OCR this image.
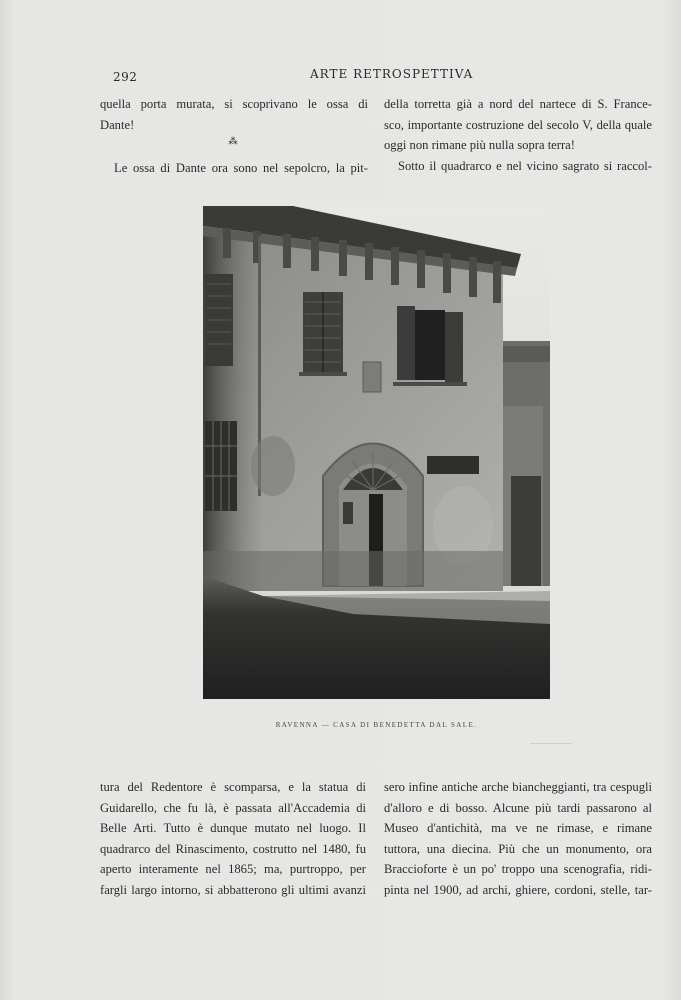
292	ARTE RETROSPETTIVA
quella porta murata, si scoprivano le ossa di
Dante!
⁂
Le ossa di Dante ora sono nel sepolcro, la pit-
della torretta già a nord del nartece di S. France-
sco, importante costruzione del secolo V, della quale
oggi non rimane più nulla sopra terra!
Sotto il quadrarco e nel vicino sagrato si raccol-
RAVENNA — CASA DI BENEDETTA DAL SALE.
tura del Redentore è scomparsa, e la statua di
Guidarello, che fu là, è passata all'Accademia di
Belle Arti. Tutto è dunque mutato nel luogo. Il
quadrarco del Rinascimento, costrutto nel 1480, fu
aperto interamente nel 1865; ma, purtroppo, per
fargli largo intorno, si abbatterono gli ultimi avanzi
sero infine antiche arche biancheggianti, tra cespugli
d'alloro e di bosso. Alcune più tardi passarono al
Museo d'antichità, ma ve ne rimase, e rimane
tuttora, una diecina. Più che un monumento, ora
Braccioforte è un po' troppo una scenografia, ridi-
pinta nel 1900, ad archi, ghiere, cordoni, stelle, tar-
